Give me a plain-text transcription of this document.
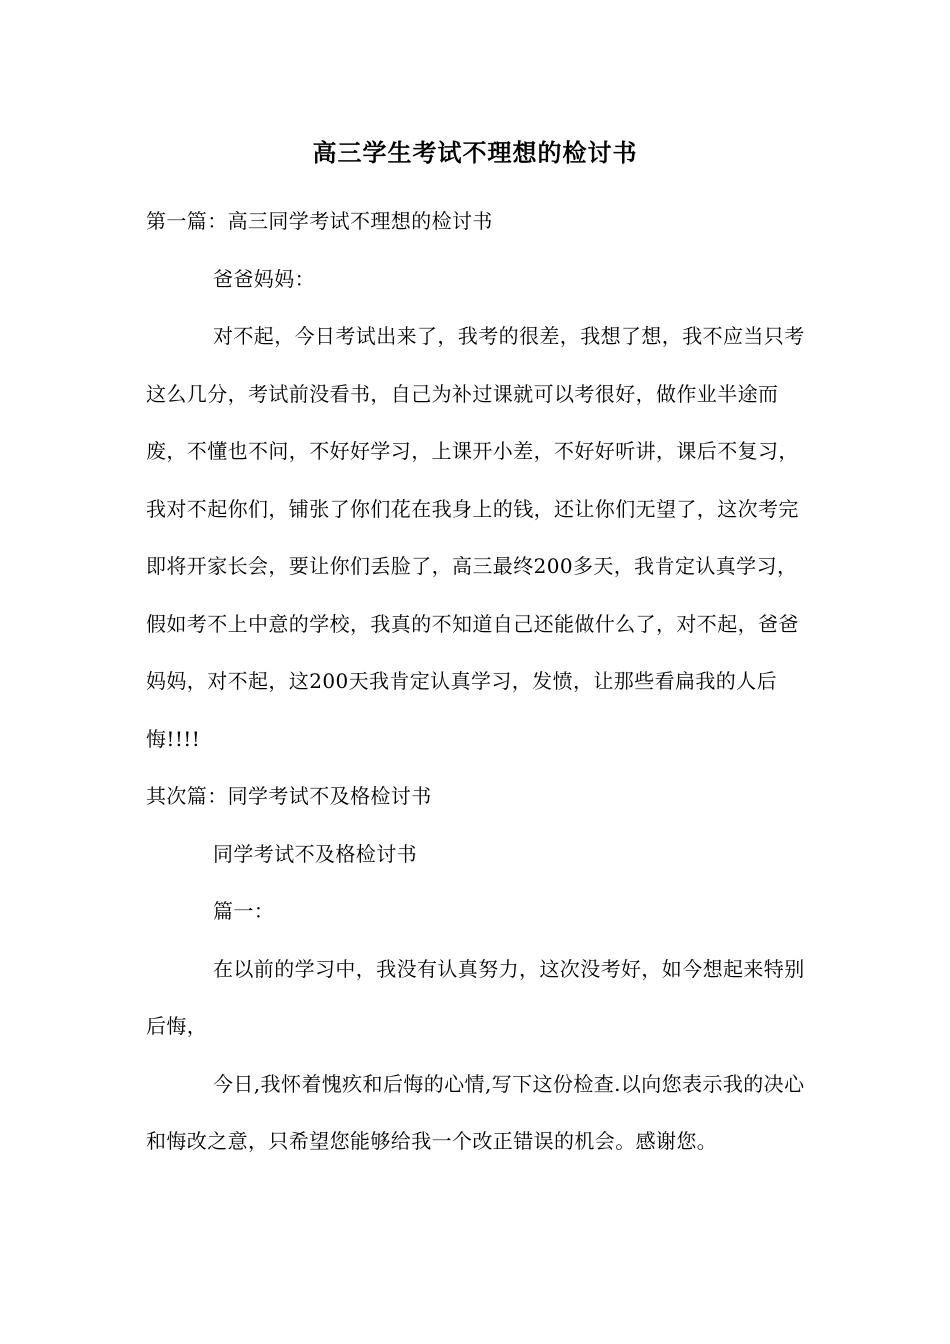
高三学生考试不理想的检讨书

第一篇：高三同学考试不理想的检讨书

爸爸妈妈：

对不起，今日考试出来了，我考的很差，我想了想，我不应当只考这么几分，考试前没看书，自己为补过课就可以考很好，做作业半途而废，不懂也不问，不好好学习，上课开小差，不好好听讲，课后不复习，我对不起你们，铺张了你们花在我身上的钱，还让你们无望了，这次考完即将开家长会，要让你们丢脸了，高三最终200多天，我肯定认真学习，假如考不上中意的学校，我真的不知道自己还能做什么了，对不起，爸爸妈妈，对不起，这200天我肯定认真学习，发愤，让那些看扁我的人后悔!!!!

其次篇：同学考试不及格检讨书

同学考试不及格检讨书

篇一：

在以前的学习中，我没有认真努力，这次没考好，如今想起来特别后悔，

今日,我怀着愧疚和后悔的心情,写下这份检查.以向您表示我的决心和悔改之意，只希望您能够给我一个改正错误的机会。感谢您。
